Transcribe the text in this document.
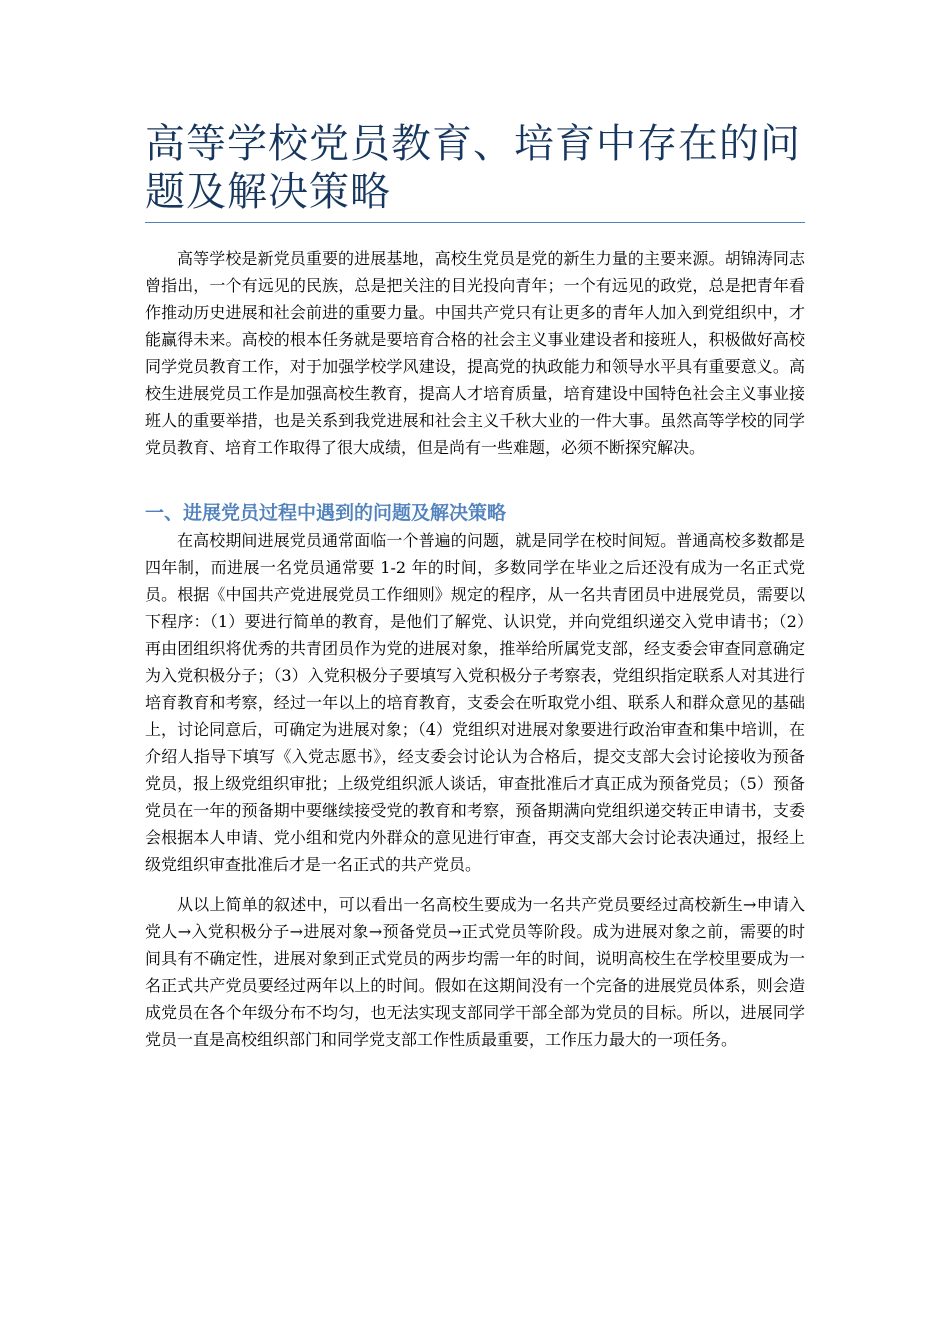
高等学校党员教育、培育中存在的问题及解决策略

高等学校是新党员重要的进展基地，高校生党员是党的新生力量的主要来源。胡锦涛同志曾指出，一个有远见的民族，总是把关注的目光投向青年；一个有远见的政党，总是把青年看作推动历史进展和社会前进的重要力量。中国共产党只有让更多的青年人加入到党组织中，才能赢得未来。高校的根本任务就是要培育合格的社会主义事业建设者和接班人，积极做好高校同学党员教育工作，对于加强学校学风建设，提高党的执政能力和领导水平具有重要意义。高校生进展党员工作是加强高校生教育，提高人才培育质量，培育建设中国特色社会主义事业接班人的重要举措，也是关系到我党进展和社会主义千秋大业的一件大事。虽然高等学校的同学党员教育、培育工作取得了很大成绩，但是尚有一些难题，必须不断探究解决。

一、进展党员过程中遇到的问题及解决策略

在高校期间进展党员通常面临一个普遍的问题，就是同学在校时间短。普通高校多数都是四年制，而进展一名党员通常要 1-2 年的时间，多数同学在毕业之后还没有成为一名正式党员。根据《中国共产党进展党员工作细则》规定的程序，从一名共青团员中进展党员，需要以下程序：（1）要进行简单的教育，是他们了解党、认识党，并向党组织递交入党申请书；（2）再由团组织将优秀的共青团员作为党的进展对象，推举给所属党支部，经支委会审查同意确定为入党积极分子；（3）入党积极分子要填写入党积极分子考察表，党组织指定联系人对其进行培育教育和考察，经过一年以上的培育教育，支委会在听取党小组、联系人和群众意见的基础上，讨论同意后，可确定为进展对象；（4）党组织对进展对象要进行政治审查和集中培训，在介绍人指导下填写《入党志愿书》，经支委会讨论认为合格后，提交支部大会讨论接收为预备党员，报上级党组织审批；上级党组织派人谈话，审查批准后才真正成为预备党员；（5）预备党员在一年的预备期中要继续接受党的教育和考察，预备期满向党组织递交转正申请书，支委会根据本人申请、党小组和党内外群众的意见进行审查，再交支部大会讨论表决通过，报经上级党组织审查批准后才是一名正式的共产党员。

从以上简单的叙述中，可以看出一名高校生要成为一名共产党员要经过高校新生→申请入党人→入党积极分子→进展对象→预备党员→正式党员等阶段。成为进展对象之前，需要的时间具有不确定性，进展对象到正式党员的两步均需一年的时间，说明高校生在学校里要成为一名正式共产党员要经过两年以上的时间。假如在这期间没有一个完备的进展党员体系，则会造成党员在各个年级分布不均匀，也无法实现支部同学干部全部为党员的目标。所以，进展同学党员一直是高校组织部门和同学党支部工作性质最重要，工作压力最大的一项任务。
